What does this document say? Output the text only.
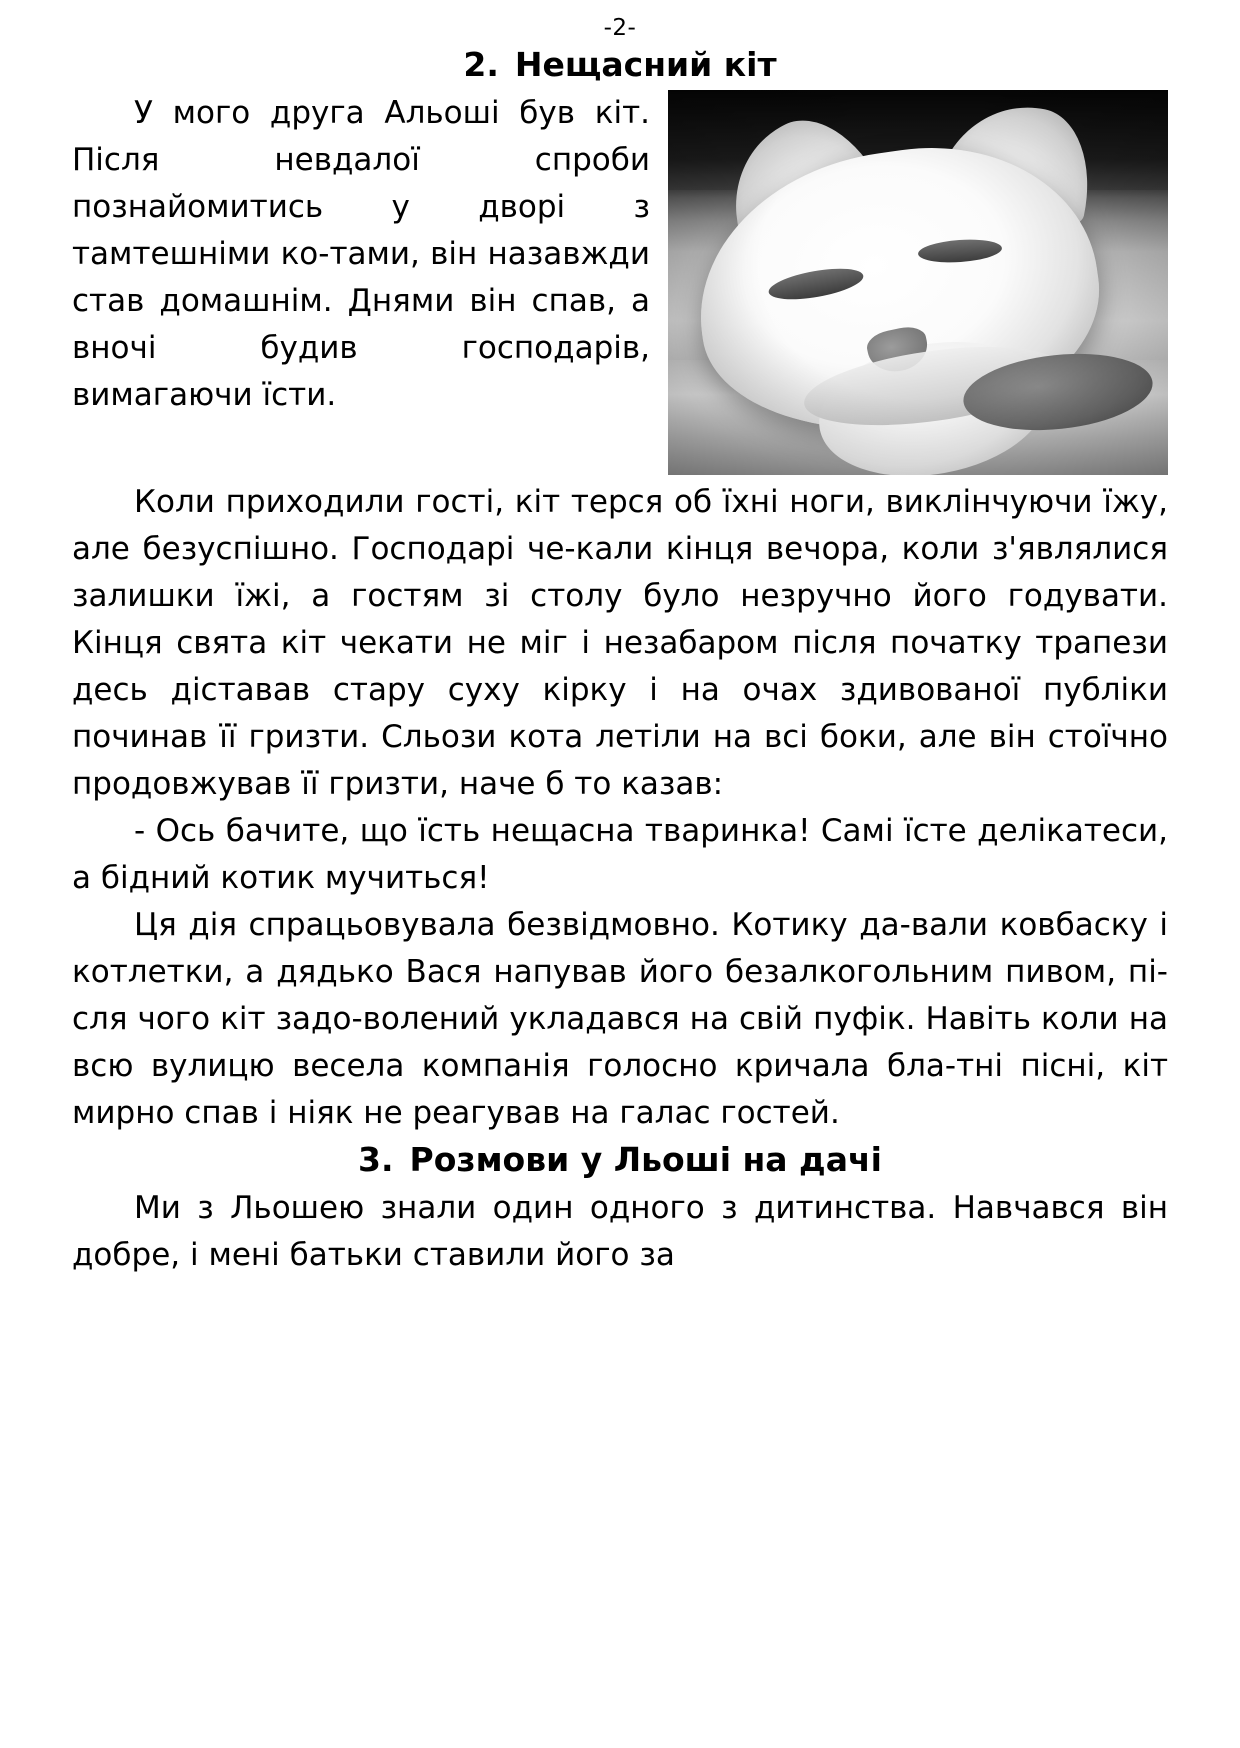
-2-
2. Нещасний кіт

У мого друга Альоші був кіт. Після невдалої спроби познайомитись у дворі з тамтешніми ко-тами, він назавжди став домашнім. Днями він спав, а вночі будив господарів, вимагаючи їсти.

Коли приходили гості, кіт терся об їхні ноги, виклінчуючи їжу, але безуспішно. Господарі че-кали кінця вечора, коли з'являлися залишки їжі, а гостям зі столу було незручно його годувати. Кінця свята кіт чекати не міг і незабаром після початку трапези десь діставав стару суху кірку і на очах здивованої публіки починав її гризти. Сльози кота летіли на всі боки, але він стоїчно продовжував її гризти, наче б то казав:

- Ось бачите, що їсть нещасна тваринка! Самі їсте делікатеси, а бідний котик мучиться!

Ця дія спрацьовувала безвідмовно. Котику да-вали ковбаску і котлетки, а дядько Вася напував його безалкогольним пивом, пі-сля чого кіт задо-волений укладався на свій пуфік. Навіть коли на всю вулицю весела компанія голосно кричала бла-тні пісні, кіт мирно спав і ніяк не реагував на галас гостей.

3. Розмови у Льоші на дачі

Ми з Льошею знали один одного з дитинства. Навчався він добре, і мені батьки ставили його за
